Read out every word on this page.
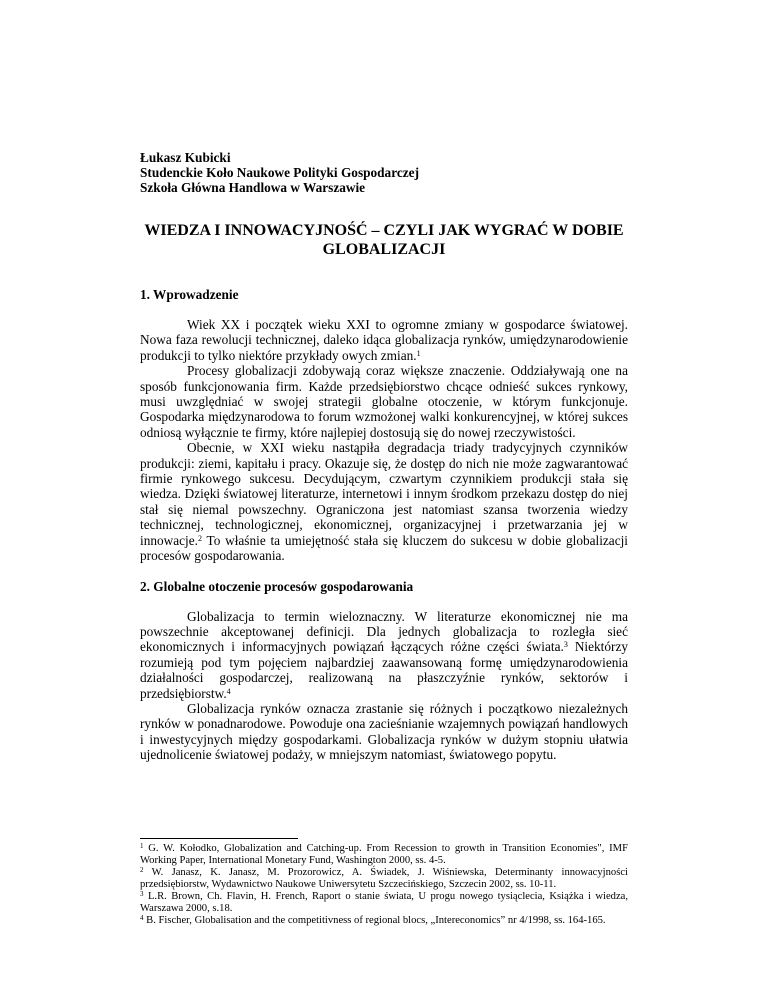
Łukasz Kubicki
Studenckie Koło Naukowe Polityki Gospodarczej
Szkoła Główna Handlowa w Warszawie
WIEDZA I INNOWACYJNOŚĆ – CZYLI JAK WYGRAĆ W DOBIE GLOBALIZACJI
1. Wprowadzenie

Wiek XX i początek wieku XXI to ogromne zmiany w gospodarce światowej. Nowa faza rewolucji technicznej, daleko idąca globalizacja rynków, umiędzynarodowienie produkcji to tylko niektóre przykłady owych zmian.$^1$

Procesy globalizacji zdobywają coraz większe znaczenie. Oddziaływają one na sposób funkcjonowania firm. Każde przedsiębiorstwo chcące odnieść sukces rynkowy, musi uwzględniać w swojej strategii globalne otoczenie, w którym funkcjonuje. Gospodarka międzynarodowa to forum wzmożonej walki konkurencyjnej, w której sukces odniosą wyłącznie te firmy, które najlepiej dostosują się do nowej rzeczywistości.

Obecnie, w XXI wieku nastąpiła degradacja triady tradycyjnych czynników produkcji: ziemi, kapitału i pracy. Okazuje się, że dostęp do nich nie może zagwarantować firmie rynkowego sukcesu. Decydującym, czwartym czynnikiem produkcji stała się wiedza. Dzięki światowej literaturze, internetowi i innym środkom przekazu dostęp do niej stał się niemal powszechny. Ograniczona jest natomiast szansa tworzenia wiedzy technicznej, technologicznej, ekonomicznej, organizacyjnej i przetwarzania jej w innowacje.$^2$ To właśnie ta umiejętność stała się kluczem do sukcesu w dobie globalizacji procesów gospodarowania.

2. Globalne otoczenie procesów gospodarowania

Globalizacja to termin wieloznaczny. W literaturze ekonomicznej nie ma powszechnie akceptowanej definicji. Dla jednych globalizacja to rozległa sieć ekonomicznych i informacyjnych powiązań łączących różne części świata.$^3$ Niektórzy rozumieją pod tym pojęciem najbardziej zaawansowaną formę umiędzynarodowienia działalności gospodarczej, realizowaną na płaszczyźnie rynków, sektorów i przedsiębiorstw.$^4$

Globalizacja rynków oznacza zrastanie się różnych i początkowo niezależnych rynków w ponadnarodowe. Powoduje ona zacieśnianie wzajemnych powiązań handlowych i inwestycyjnych między gospodarkami. Globalizacja rynków w dużym stopniu ułatwia ujednolicenie światowej podaży, w mniejszym natomiast, światowego popytu.

$^1$ G. W. Kołodko, Globalization and Catching-up. From Recession to growth in Transition Economies", IMF Working Paper, International Monetary Fund, Washington 2000, ss. 4-5.
$^2$ W. Janasz, K. Janasz, M. Prozorowicz, A. Świadek, J. Wiśniewska, Determinanty innowacyjności przedsiębiorstw, Wydawnictwo Naukowe Uniwersytetu Szczecińskiego, Szczecin 2002, ss. 10-11.
$^3$ L.R. Brown, Ch. Flavin, H. French, Raport o stanie świata, U progu nowego tysiąclecia, Książka i wiedza, Warszawa 2000, s.18.
$^4$ B. Fischer, Globalisation and the competitivness of regional blocs, „Intereconomics” nr 4/1998, ss. 164-165.
